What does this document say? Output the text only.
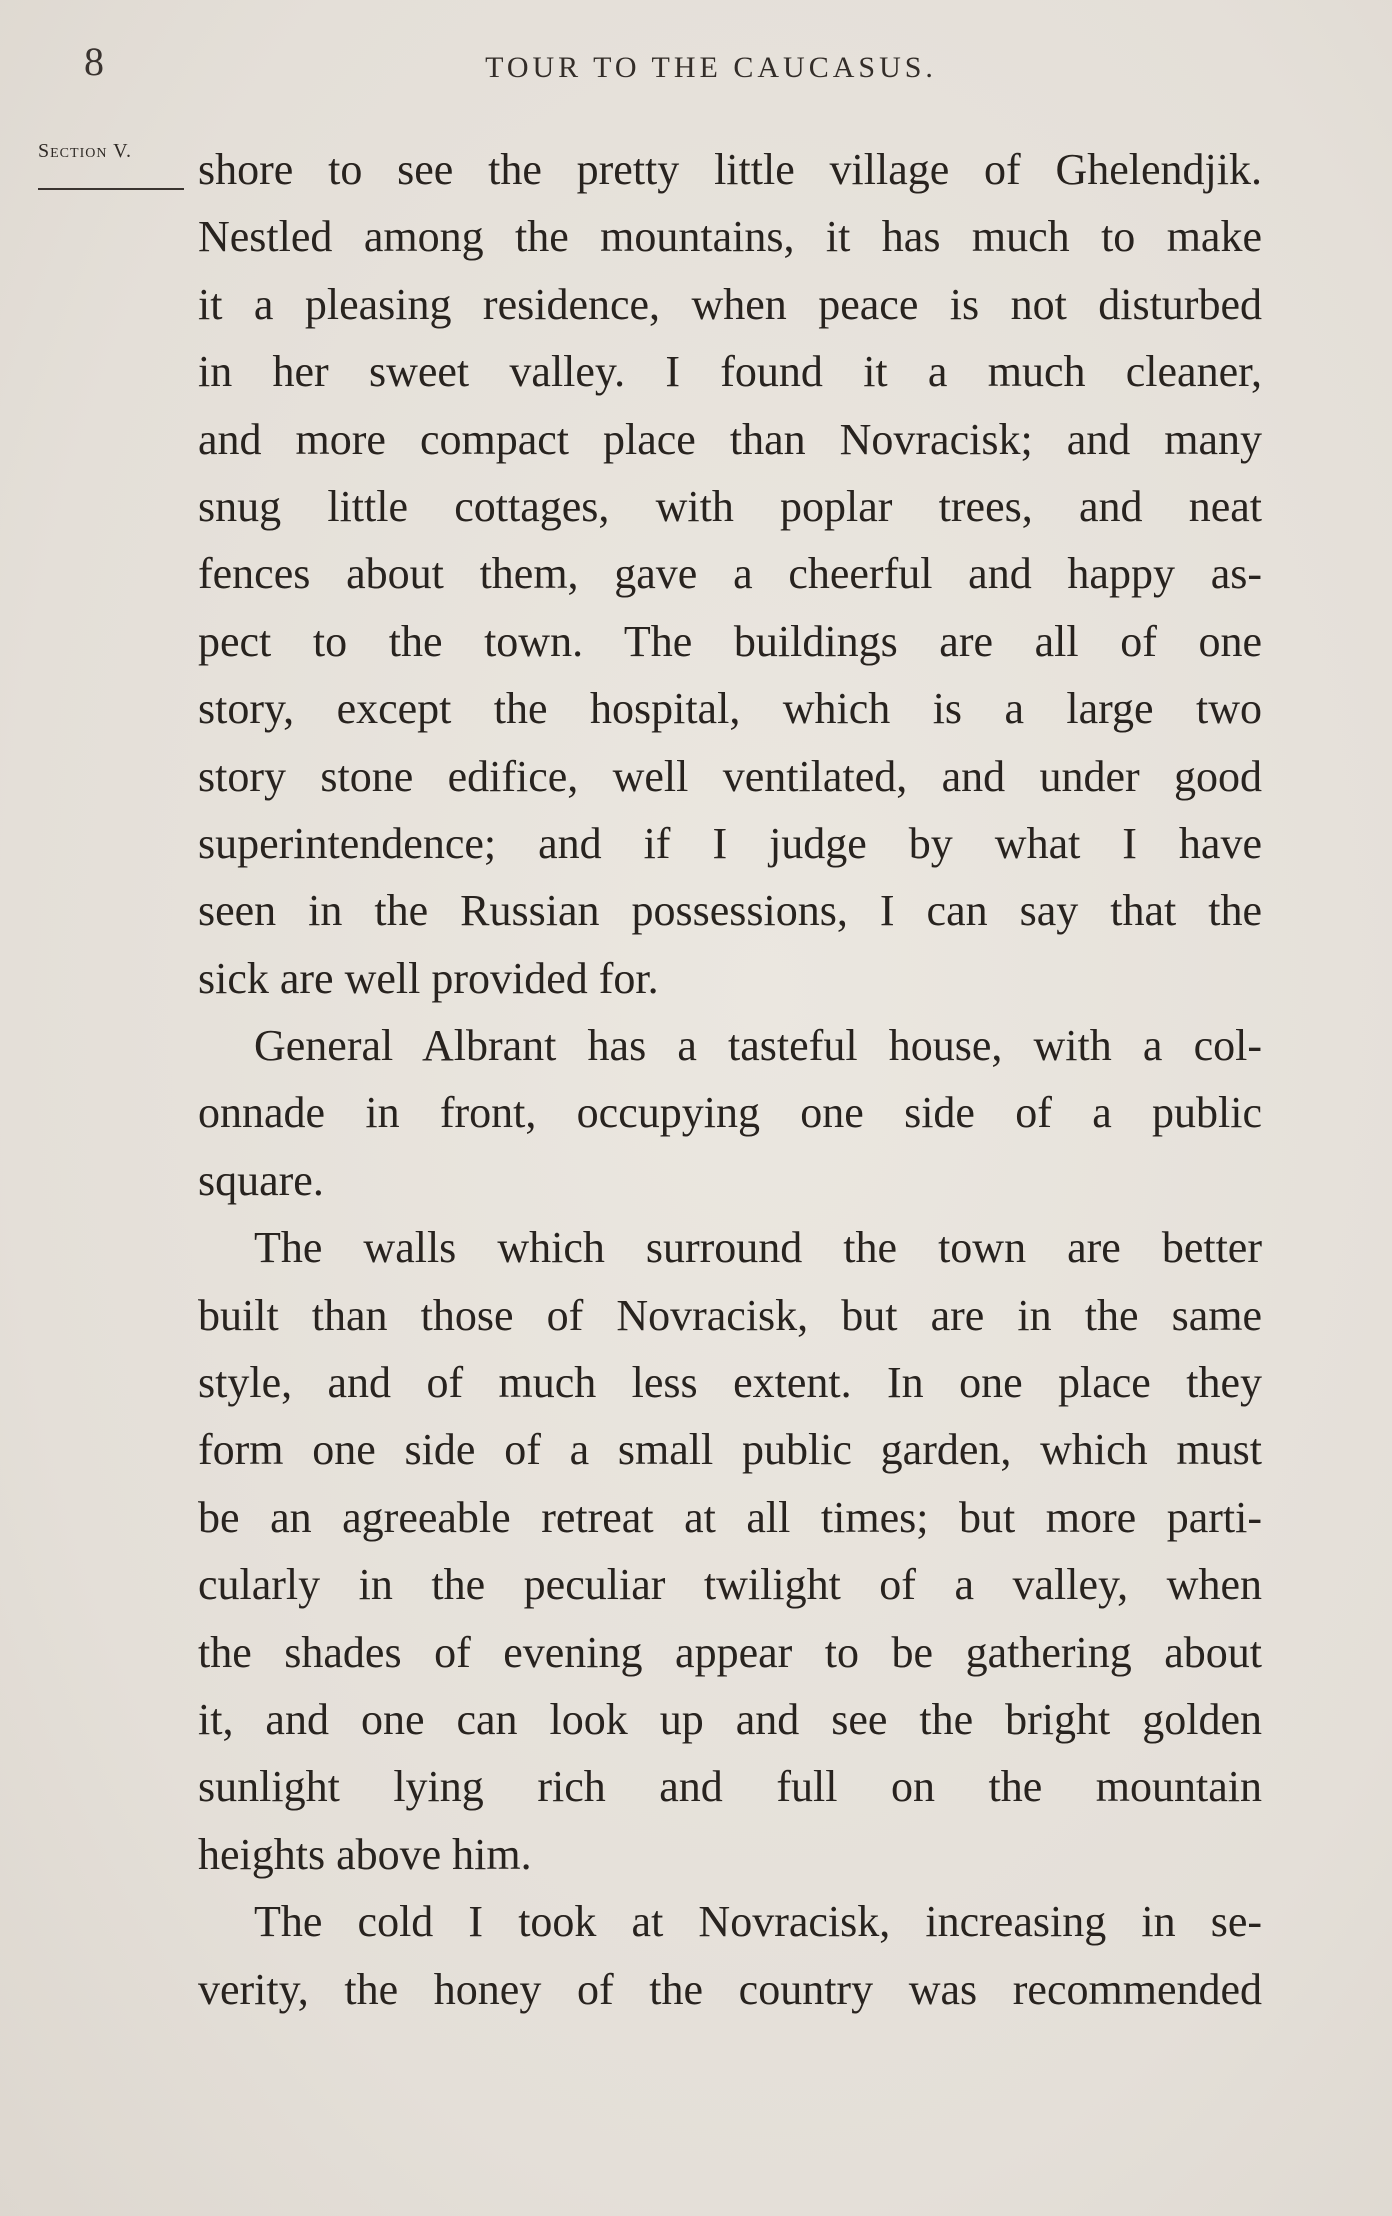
8	TOUR TO THE CAUCASUS.
Section V.	shore to see the pretty little village of Ghelendjik.
Nestled among the mountains, it has much to make
it a pleasing residence, when peace is not disturbed
in her sweet valley. I found it a much cleaner,
and more compact place than Novracisk; and many
snug little cottages, with poplar trees, and neat
fences about them, gave a cheerful and happy as-
pect to the town. The buildings are all of one
story, except the hospital, which is a large two
story stone edifice, well ventilated, and under good
superintendence; and if I judge by what I have
seen in the Russian possessions, I can say that the
sick are well provided for.
General Albrant has a tasteful house, with a col-
onnade in front, occupying one side of a public
square.
The walls which surround the town are better
built than those of Novracisk, but are in the same
style, and of much less extent. In one place they
form one side of a small public garden, which must
be an agreeable retreat at all times; but more parti-
cularly in the peculiar twilight of a valley, when
the shades of evening appear to be gathering about
it, and one can look up and see the bright golden
sunlight lying rich and full on the mountain
heights above him.
The cold I took at Novracisk, increasing in se-
verity, the honey of the country was recommended
